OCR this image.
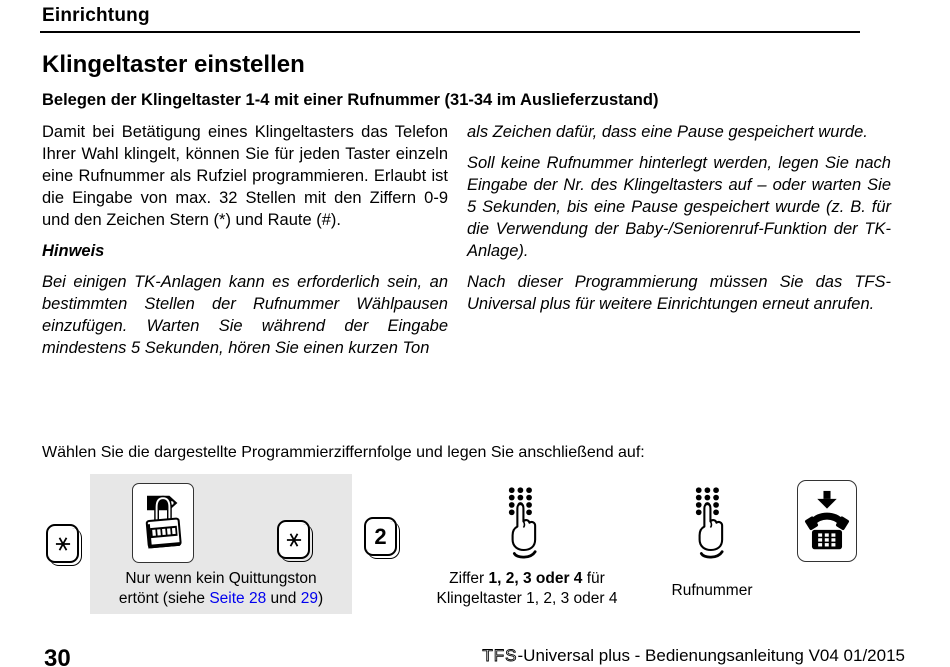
Einrichtung
Klingeltaster einstellen
Belegen der Klingeltaster 1-4 mit einer Rufnummer (31-34 im Auslieferzustand)

Damit bei Betätigung eines Klingeltasters das Telefon Ihrer Wahl klingelt, können Sie für jeden Taster einzeln eine Rufnummer als Rufziel programmieren. Erlaubt ist die Eingabe von max. 32 Stellen mit den Ziffern 0-9 und den Zeichen Stern (*) und Raute (#).

Hinweis

Bei einigen TK-Anlagen kann es erforderlich sein, an bestimmten Stellen der Rufnummer Wählpausen einzufügen. Warten Sie während der Eingabe mindestens 5 Sekunden, hören Sie einen kurzen Ton

als Zeichen dafür, dass eine Pause gespeichert wurde.

Soll keine Rufnummer hinterlegt werden, legen Sie nach Eingabe der Nr. des Klingeltasters auf – oder warten Sie 5 Sekunden, bis eine Pause gespeichert wurde (z. B. für die Verwendung der Baby-/Seniorenruf-Funktion der TK-Anlage).

Nach dieser Programmierung müssen Sie das TFS-Universal plus für weitere Einrichtungen erneut anrufen.

Wählen Sie die dargestellte Programmierziffernfolge und legen Sie anschließend auf:
Nur wenn kein Quittungston
ertönt (siehe Seite 28 und 29)
2
Ziffer 1, 2, 3 oder 4 für
Klingeltaster 1, 2, 3 oder 4	Rufnummer
30	TFS-Universal plus - Bedienungsanleitung V04 01/2015
